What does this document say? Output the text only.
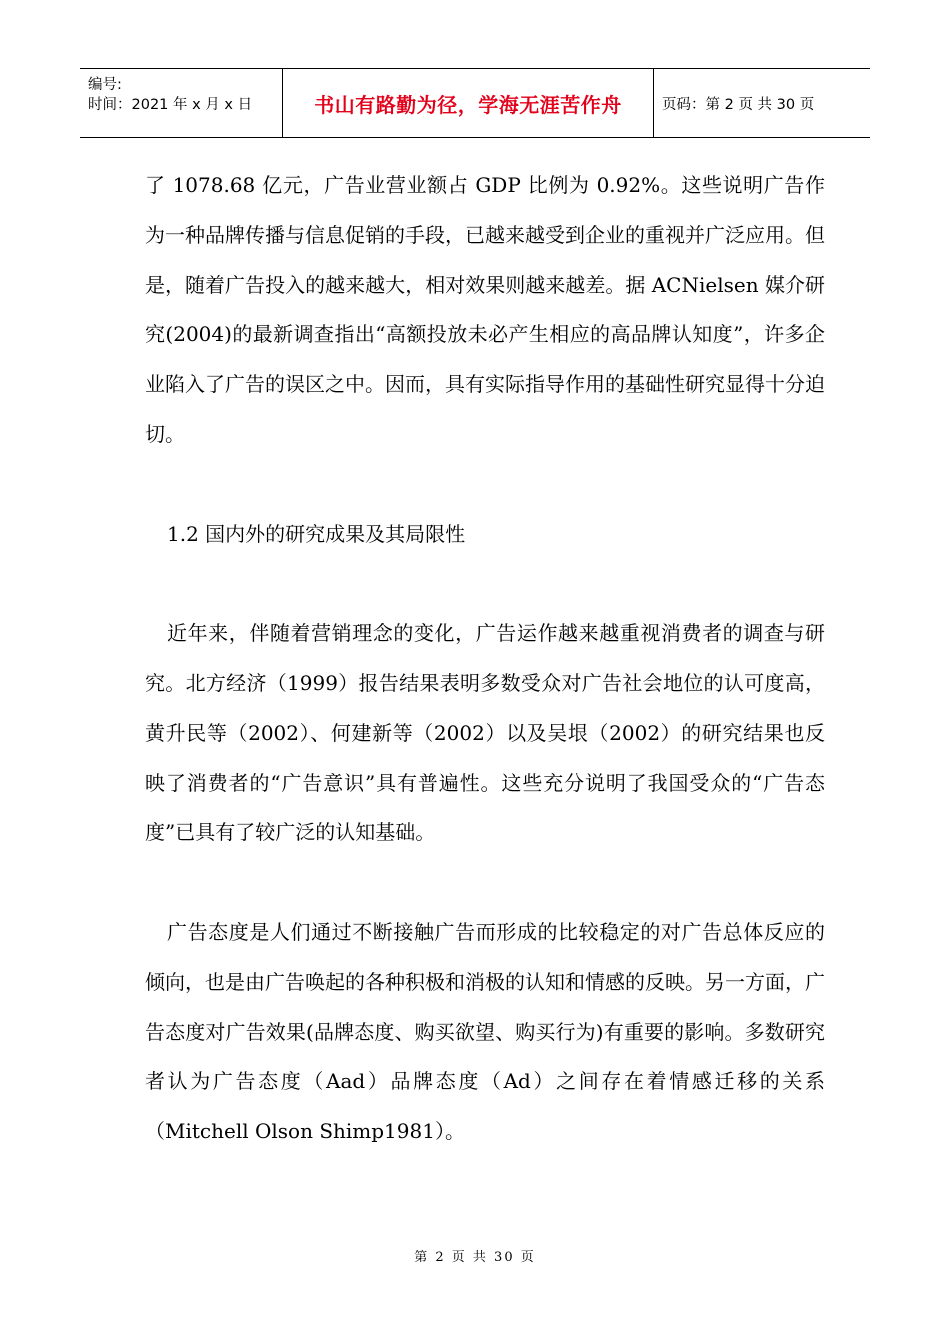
编号:
时间：2021 年 x 月 x 日	书山有路勤为径，学海无涯苦作舟	页码：第 2 页 共 30 页

了 1078.68 亿元，广告业营业额占 GDP 比例为 0.92%。这些说明广告作为一种品牌传播与信息促销的手段，已越来越受到企业的重视并广泛应用。但是，随着广告投入的越来越大，相对效果则越来越差。据 ACNielsen 媒介研究(2004)的最新调查指出“高额投放未必产生相应的高品牌认知度”，许多企业陷入了广告的误区之中。因而，具有实际指导作用的基础性研究显得十分迫切。

1.2 国内外的研究成果及其局限性

近年来，伴随着营销理念的变化，广告运作越来越重视消费者的调查与研究。北方经济（1999）报告结果表明多数受众对广告社会地位的认可度高，黄升民等（2002）、何建新等（2002）以及吴垠（2002）的研究结果也反映了消费者的“广告意识”具有普遍性。这些充分说明了我国受众的“广告态度”已具有了较广泛的认知基础。

广告态度是人们通过不断接触广告而形成的比较稳定的对广告总体反应的倾向，也是由广告唤起的各种积极和消极的认知和情感的反映。另一方面，广告态度对广告效果(品牌态度、购买欲望、购买行为)有重要的影响。多数研究者认为广告态度（Aad）品牌态度（Ad）之间存在着情感迁移的关系（Mitchell Olson Shimp1981）。

第 2 页 共 30 页
